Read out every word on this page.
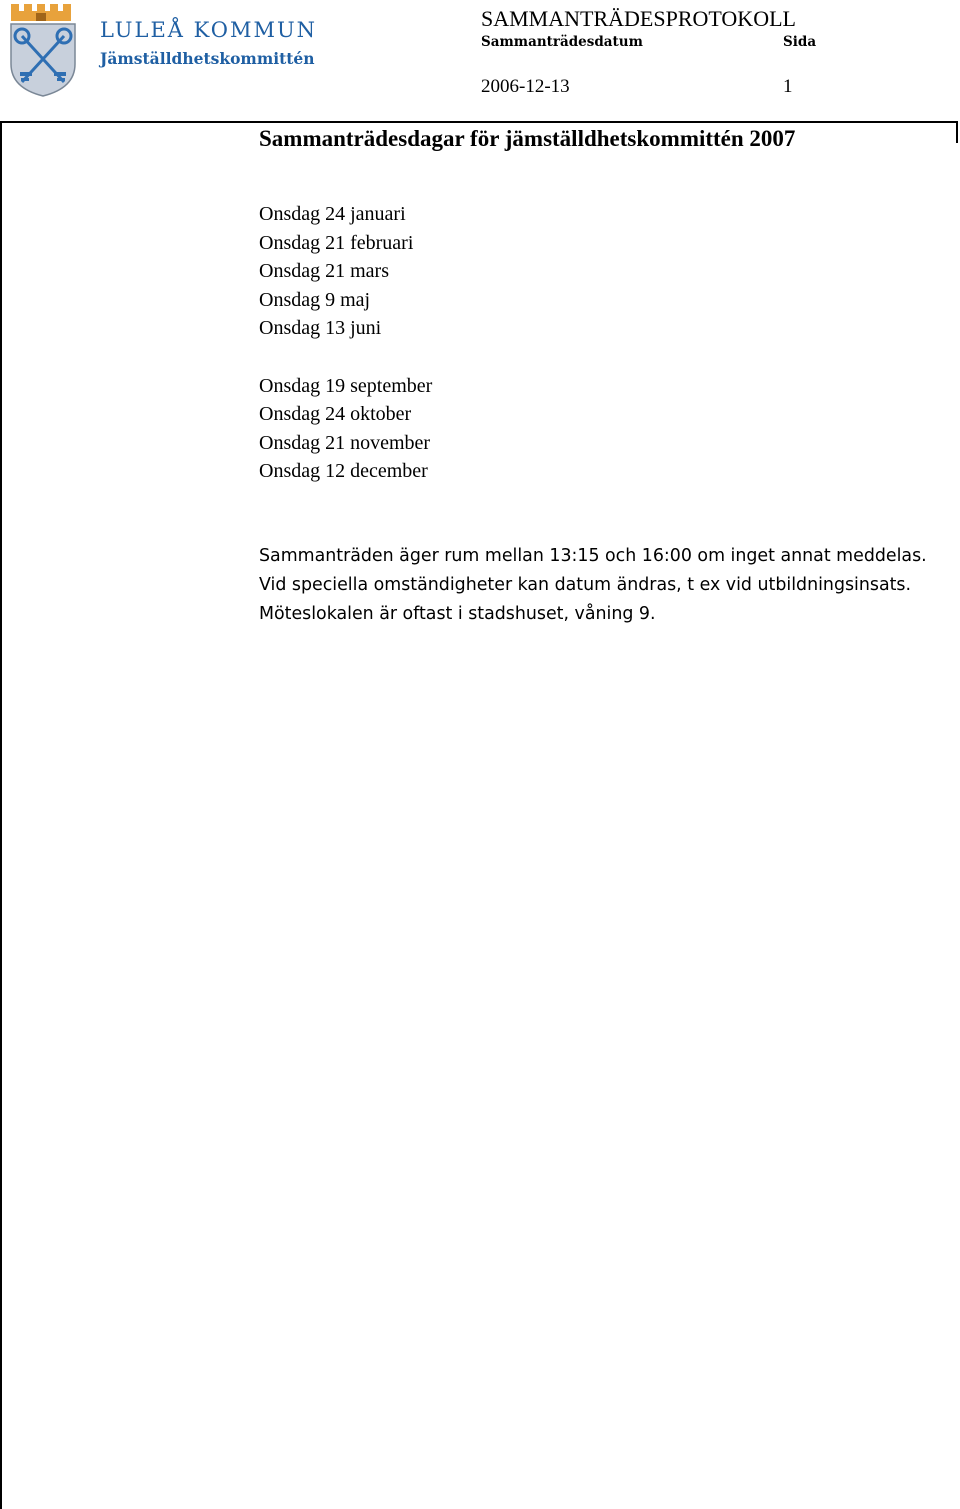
LULEÅ KOMMUN
Jämställdhetskommittén
SAMMANTRÄDESPROTOKOLL
Sammanträdesdatum	Sida
2006-12-13	1
Sammanträdesdagar för jämställdhetskommittén 2007
Onsdag 24 januari
Onsdag 21 februari
Onsdag 21 mars
Onsdag 9 maj
Onsdag 13 juni
Onsdag 19 september
Onsdag 24 oktober
Onsdag 21 november
Onsdag 12 december
Sammanträden äger rum mellan 13:15 och 16:00 om inget annat meddelas.
Vid speciella omständigheter kan datum ändras, t ex vid utbildningsinsats.
Möteslokalen är oftast i stadshuset, våning 9.
